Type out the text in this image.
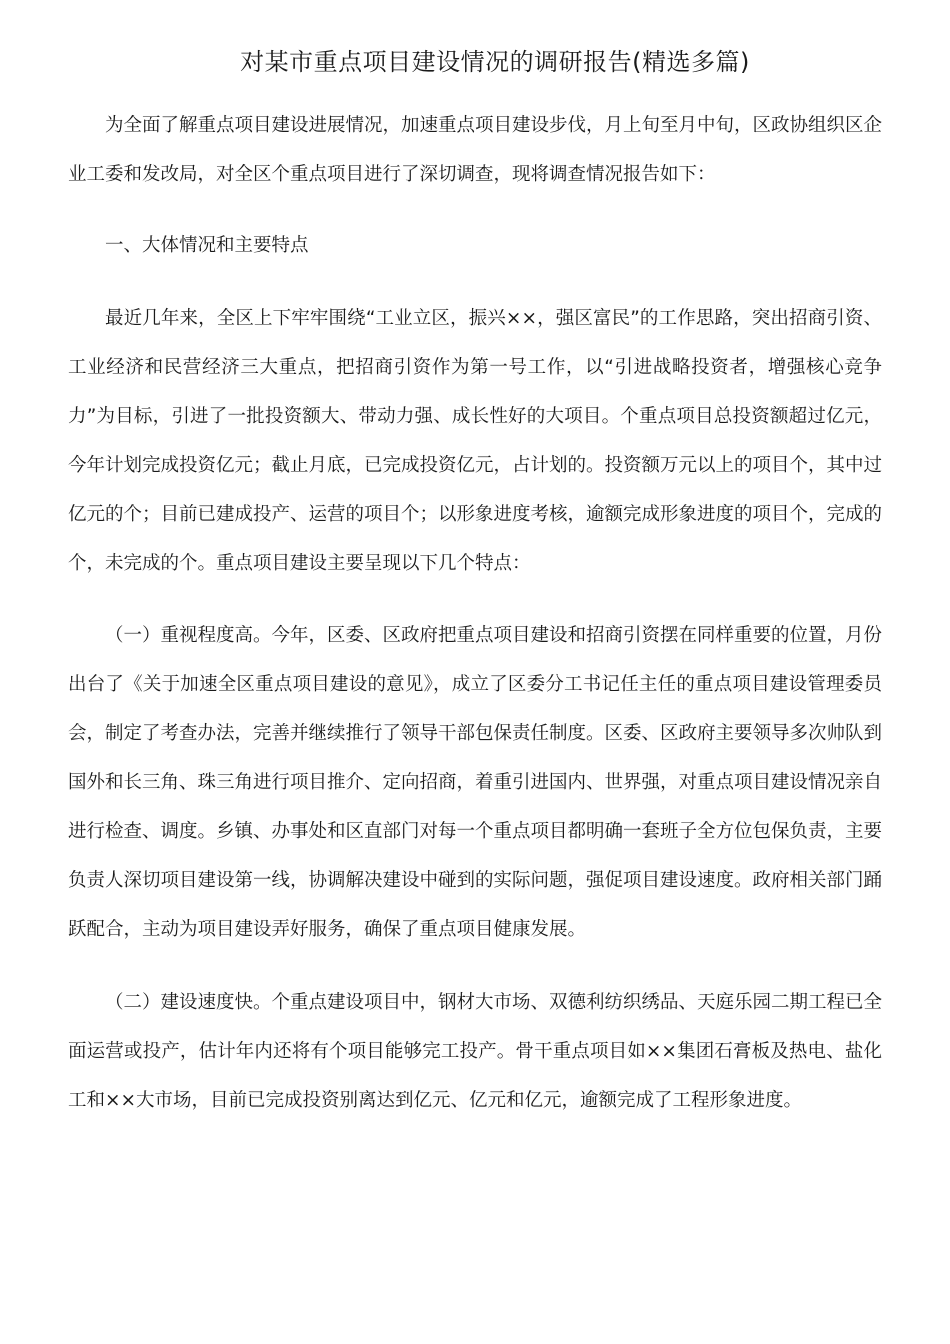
对某市重点项目建设情况的调研报告(精选多篇)

为全面了解重点项目建设进展情况，加速重点项目建设步伐，月上旬至月中旬，区政协组织区企业工委和发改局，对全区个重点项目进行了深切调查，现将调查情况报告如下：

一、大体情况和主要特点

最近几年来，全区上下牢牢围绕“工业立区，振兴××，强区富民”的工作思路，突出招商引资、工业经济和民营经济三大重点，把招商引资作为第一号工作，以“引进战略投资者，增强核心竞争力”为目标，引进了一批投资额大、带动力强、成长性好的大项目。个重点项目总投资额超过亿元，今年计划完成投资亿元；截止月底，已完成投资亿元，占计划的。投资额万元以上的项目个，其中过亿元的个；目前已建成投产、运营的项目个；以形象进度考核，逾额完成形象进度的项目个，完成的个，未完成的个。重点项目建设主要呈现以下几个特点：

（一）重视程度高。今年，区委、区政府把重点项目建设和招商引资摆在同样重要的位置，月份出台了《关于加速全区重点项目建设的意见》，成立了区委分工书记任主任的重点项目建设管理委员会，制定了考查办法，完善并继续推行了领导干部包保责任制度。区委、区政府主要领导多次帅队到国外和长三角、珠三角进行项目推介、定向招商，着重引进国内、世界强，对重点项目建设情况亲自进行检查、调度。乡镇、办事处和区直部门对每一个重点项目都明确一套班子全方位包保负责，主要负责人深切项目建设第一线，协调解决建设中碰到的实际问题，强促项目建设速度。政府相关部门踊跃配合，主动为项目建设弄好服务，确保了重点项目健康发展。

（二）建设速度快。个重点建设项目中，钢材大市场、双德利纺织绣品、天庭乐园二期工程已全面运营或投产，估计年内还将有个项目能够完工投产。骨干重点项目如××集团石膏板及热电、盐化工和××大市场，目前已完成投资别离达到亿元、亿元和亿元，逾额完成了工程形象进度。
